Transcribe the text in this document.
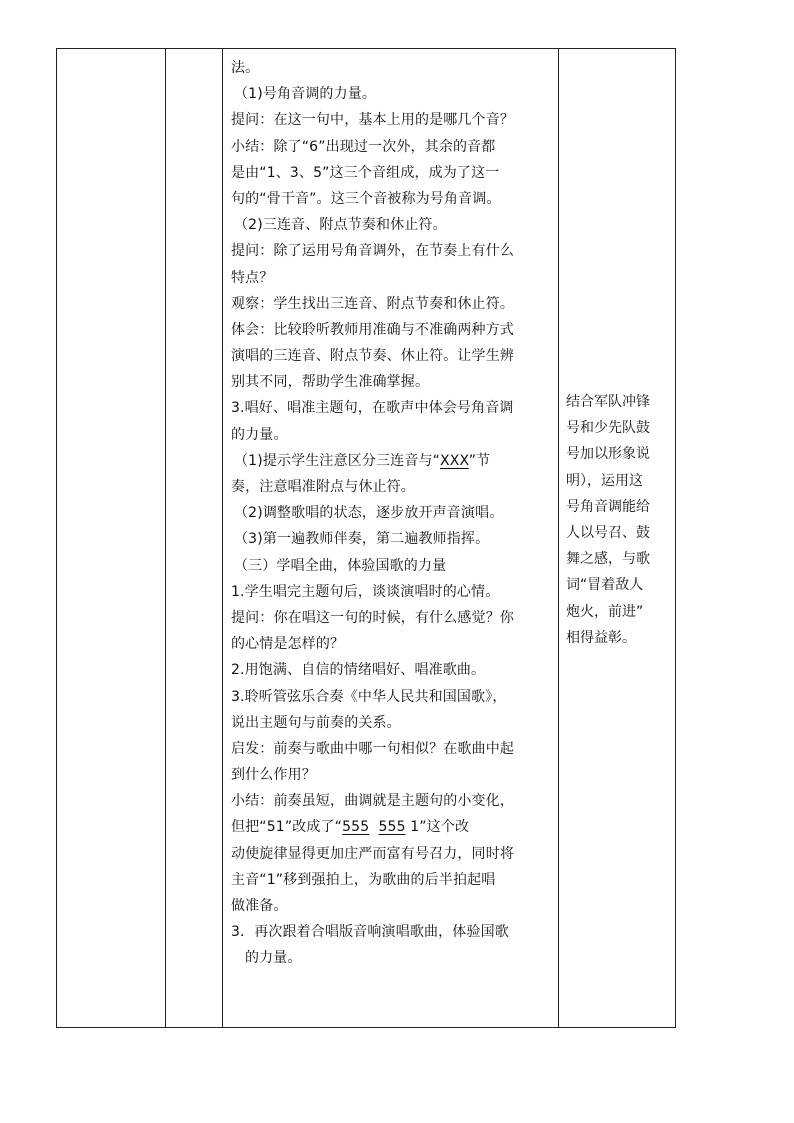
法。
（1)号角音调的力量。
提问：在这一句中，基本上用的是哪几个音？
小结：除了“6”出现过一次外，其余的音都
是由“1、3、5”这三个音组成，成为了这一
句的“骨干音”。这三个音被称为号角音调。
（2)三连音、附点节奏和休止符。
提问：除了运用号角音调外，在节奏上有什么
特点？
观察：学生找出三连音、附点节奏和休止符。
体会：比较聆听教师用准确与不准确两种方式
演唱的三连音、附点节奏、休止符。让学生辨
别其不同，帮助学生准确掌握。
3.唱好、唱准主题句，在歌声中体会号角音调
的力量。
（1)提示学生注意区分三连音与“XXX”节
奏，注意唱准附点与休止符。
（2)调整歌唱的状态，逐步放开声音演唱。
（3)第一遍教师伴奏，第二遍教师指挥。
（三）学唱全曲，体验国歌的力量
1.学生唱完主题句后，谈谈演唱时的心情。
提问：你在唱这一句的时候，有什么感觉？你
的心情是怎样的？
2.用饱满、自信的情绪唱好、唱准歌曲。
3.聆听管弦乐合奏《中华人民共和国国歌》，
说出主题句与前奏的关系。
启发：前奏与歌曲中哪一句相似？在歌曲中起
到什么作用？
小结：前奏虽短，曲调就是主题句的小变化，
但把“51”改成了“555 555 1”这个改
动使旋律显得更加庄严而富有号召力，同时将
主音“1”移到强拍上，为歌曲的后半拍起唱
做准备。
3．再次跟着合唱版音响演唱歌曲，体验国歌
的力量。
结合军队冲锋
号和少先队鼓
号加以形象说
明），运用这
号角音调能给
人以号召、鼓
舞之感，与歌
词“冒着敌人
炮火，前进”
相得益彰。
